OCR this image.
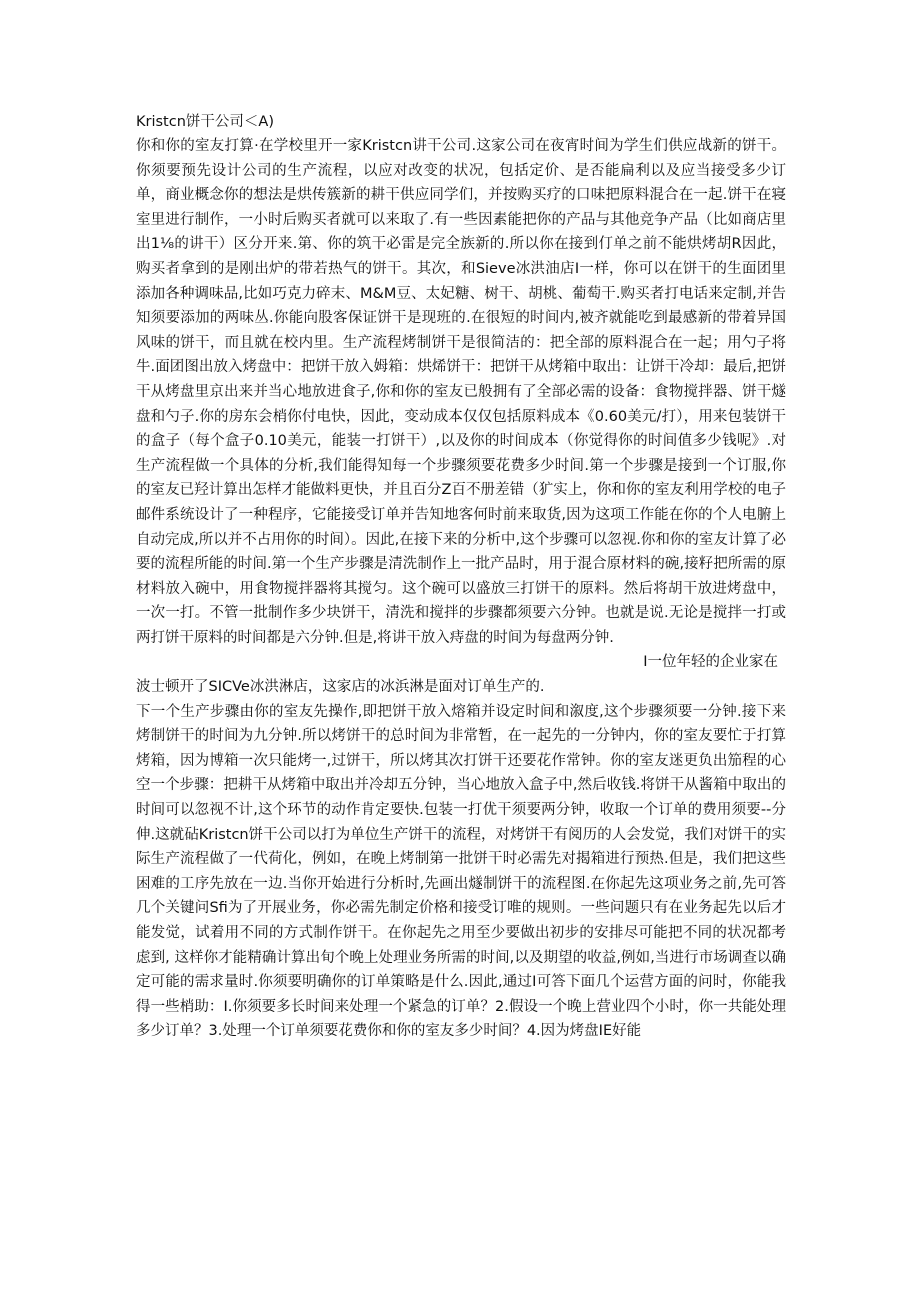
Kristcn饼干公司＜A)

你和你的室友打算·在学校里开一家Kristcn讲干公司.这家公司在夜宵时间为学生们供应战新的饼干。你须要预先设计公司的生产流程，以应对改变的状况，包括定价、是否能扁利以及应当接受多少订单，商业概念你的想法是烘传簇新的耕干供应同学们，并按购买疗的口味把原料混合在一起.饼干在寝室里进行制作，一小时后购买者就可以来取了.有一些因素能把你的产品与其他竞争产品（比如商店里出1⅛的讲干）区分开来.第、你的筑干必雷是完全族新的.所以你在接到仃单之前不能烘烤胡R因此，购买者拿到的是刚出炉的带若热气的饼干。其次，和Sieve冰洪油店I一样，你可以在饼干的生面团里添加各种调味品,比如巧克力碎末、M&M豆、太妃糖、树干、胡桃、葡萄干.购买者打电话来定制,并告知须要添加的两味丛.你能向股客保证饼干是现班的.在很短的时间内,被齐就能吃到最感新的带着异国风味的饼干，而且就在校内里。生产流程烤制饼干是很简洁的：把全部的原料混合在一起；用勺子将牛.面团图出放入烤盘中：把饼干放入姆箱：烘烯饼干：把饼干从烤箱中取出：让饼干冷却：最后,把饼干从烤盘里京出来并当心地放进食子,你和你的室友已般拥有了全部必需的设备：食物搅拌器、饼干燧盘和勺子.你的房东会梢你付电快，因此，变动成本仅仅包括原料成本《0.60美元/打），用来包装饼干的盒子（每个盒子0.10美元，能装一打饼干）,以及你的时间成本（你觉得你的时间值多少钱呢》.对生产流程做一个具体的分析,我们能得知每一个步骤须要花费多少时间.第一个步骤是接到一个订服,你的室友已羟计算出怎样才能做料更快，并且百分Z百不册差错（犷实上，你和你的室友利用学校的电子邮件系统设计了一种程序，它能接受订单并告知地客何时前来取货,因为这项工作能在你的个人电腑上自动完成,所以并不占用你的时间）。因此,在接下来的分析中,这个步骤可以忽视.你和你的室友计算了必要的流程所能的时间.第一个生产步骤是清洗制作上一批产品时，用于混合原材料的碗,接籽把所需的原材料放入碗中，用食物搅拌器将其搅匀。这个碗可以盛放三打饼干的原料。然后将胡干放进烤盘中，一次一打。不管一批制作多少块饼干，清洗和搅拌的步骤都须要六分钟。也就是说.无论是搅拌一打或两打饼干原料的时间都是六分钟.但是,将讲干放入痔盘的时间为每盘两分钟.

I一位年轻的企业家在

波士顿开了SICVe冰洪淋店，这家店的冰浜淋是面对订单生产的.

下一个生产步骤由你的室友先操作,即把饼干放入熔箱并设定时间和溆度,这个步骤须要一分钟.接下来烤制饼干的时间为九分钟.所以烤饼干的总时间为非常暂，在一起先的一分钟内，你的室友要忙于打算烤箱，因为博箱一次只能烤一,过饼干，所以烤其次打饼干还要花作常钟。你的室友迷更负出笳程的心空一个步骤：把耕干从烤箱中取出并冷却五分钟，当心地放入盒子中,然后收钱.将饼干从酱箱中取出的时间可以忽视不计,这个环节的动作肯定要快.包装一打优干须要两分钟，收取一个订单的费用须要--分伸.这就砧Kristcn饼干公司以打为单位生产饼干的流程，对烤饼干有阅历的人会发觉，我们对饼干的实际生产流程做了一代荷化，例如，在晚上烤制第一批饼干时必需先对揭箱进行预热.但是，我们把这些困难的工序先放在一边.当你开始进行分析时,先画出燧制饼干的流程图.在你起先这项业务之前,先可答几个关键问Sfi为了开展业务，你必需先制定价格和接受订唯的规则。一些问题只有在业务起先以后才能发觉，试着用不同的方式制作饼干。在你起先之用至少要做出初步的安排尽可能把不同的状况都考虑到, 这样你才能精确计算出旬个晚上处理业务所需的时间,以及期望的收益,例如,当进行市场调查以确定可能的需求量时.你须要明确你的订单策略是什么.因此,通过I可答下面几个运营方面的问时，你能我得一些梢助：I.你须要多长时间来处理一个紧急的订单？2.假设一个晚上营业四个小时，你一共能处理多少订单？3.处理一个订单须要花费你和你的室友多少时间？4.因为烤盘IE好能
